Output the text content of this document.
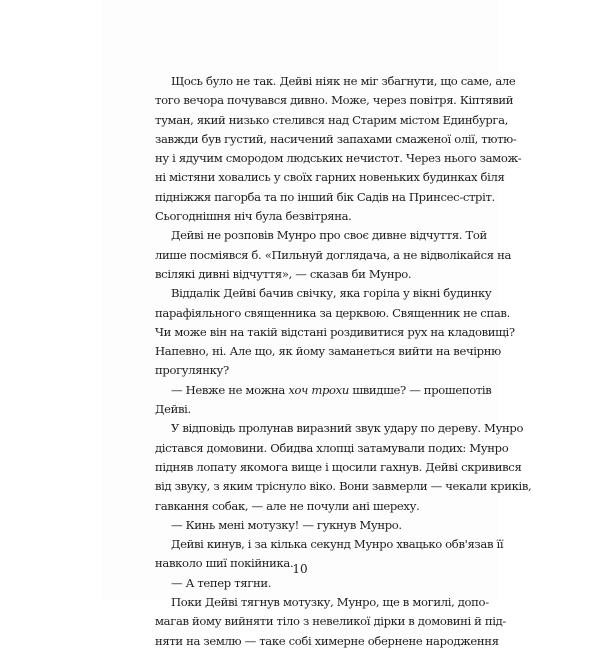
Щось було не так. Дейві ніяк не міг збагнути, що саме, але
того вечора почувався дивно. Може, через повітря. Кіптявий
туман, який низько стелився над Старим містом Единбурга,
завжди був густий, насичений запахами смаженої олії, тютю-
ну і ядучим смородом людських нечистот. Через нього замож-
ні містяни ховались у своїх гарних новеньких будинках біля
підніжжя пагорба та по інший бік Садів на Принсес-стріт.
Сьогоднішня ніч була безвітряна.
Дейві не розповів Мунро про своє дивне відчуття. Той
лише посміявся б. «Пильнуй доглядача, а не відволікайся на
всілякі дивні відчуття», — сказав би Мунро.
Віддалік Дейві бачив свічку, яка горіла у вікні будинку
парафіяльного священника за церквою. Священник не спав.
Чи може він на такій відстані роздивитися рух на кладовищі?
Напевно, ні. Але що, як йому заманеться вийти на вечірню
прогулянку?
— Невже не можна хоч трохи швидше? — прошепотів
Дейві.
У відповідь пролунав виразний звук удару по дереву. Мунро
дістався домовини. Обидва хлопці затамували подих: Мунро
підняв лопату якомога вище і щосили гахнув. Дейві скривився
від звуку, з яким тріснуло віко. Вони завмерли — чекали криків,
гавкання собак, — але не почули ані шереху.
— Кинь мені мотузку! — гукнув Мунро.
Дейві кинув, і за кілька секунд Мунро хвацько обв'язав її
навколо шиї покійника.
— А тепер тягни.
Поки Дейві тягнув мотузку, Мунро, ще в могилі, допо-
магав йому вийняти тіло з невеликої дірки в домовині й під-
няти на землю — таке собі химерне обернене народження
10
